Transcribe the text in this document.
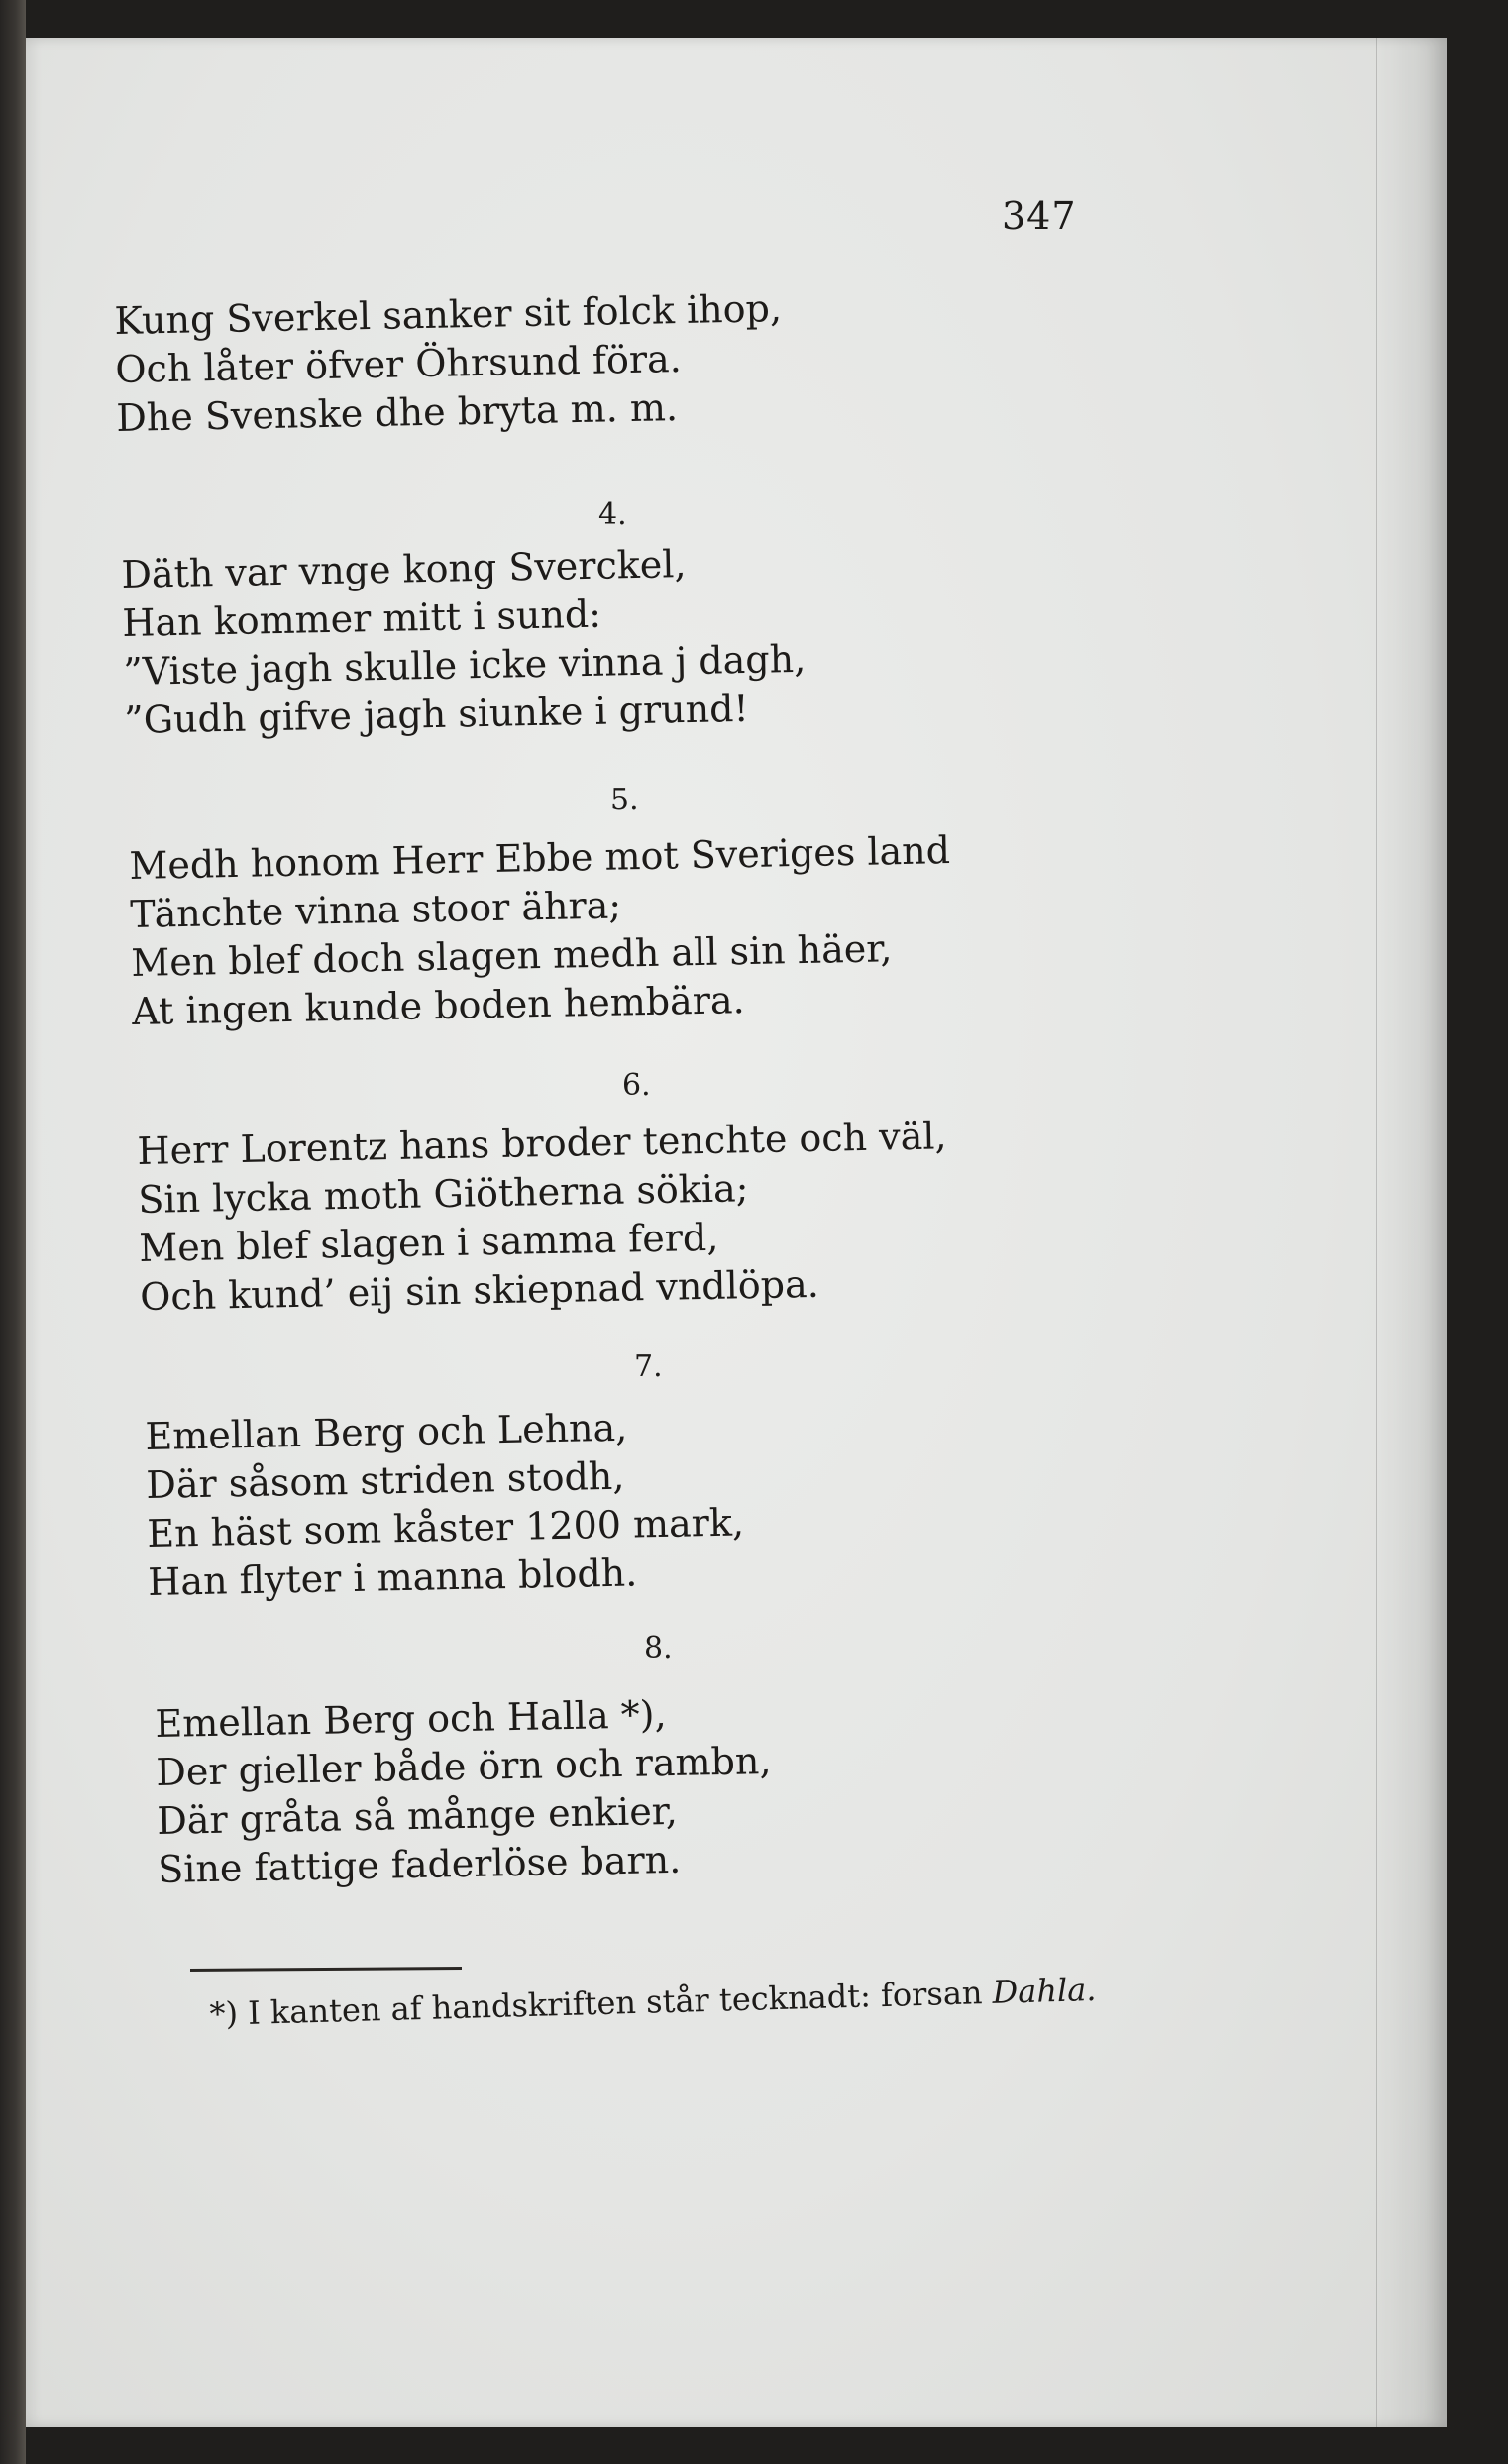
347
Kung Sverkel sanker sit folck ihop,
Och låter öfver Öhrsund föra.
Dhe Svenske dhe bryta m. m.
4.
Däth var vnge kong Sverckel,
Han kommer mitt i sund:
”Viste jagh skulle icke vinna j dagh,
”Gudh gifve jagh siunke i grund!
5.
Medh honom Herr Ebbe mot Sveriges land
Tänchte vinna stoor ähra;
Men blef doch slagen medh all sin häer,
At ingen kunde boden hembära.
6.
Herr Lorentz hans broder tenchte och väl,
Sin lycka moth Giötherna sökia;
Men blef slagen i samma ferd,
Och kund’ eij sin skiepnad vndlöpa.
7.
Emellan Berg och Lehna,
Där såsom striden stodh,
En häst som kåster 1200 mark,
Han flyter i manna blodh.
8.
Emellan Berg och Halla *),
Der gieller både örn och rambn,
Där gråta så månge enkier,
Sine fattige faderlöse barn.
*) I kanten af handskriften står tecknadt: forsan Dahla.
